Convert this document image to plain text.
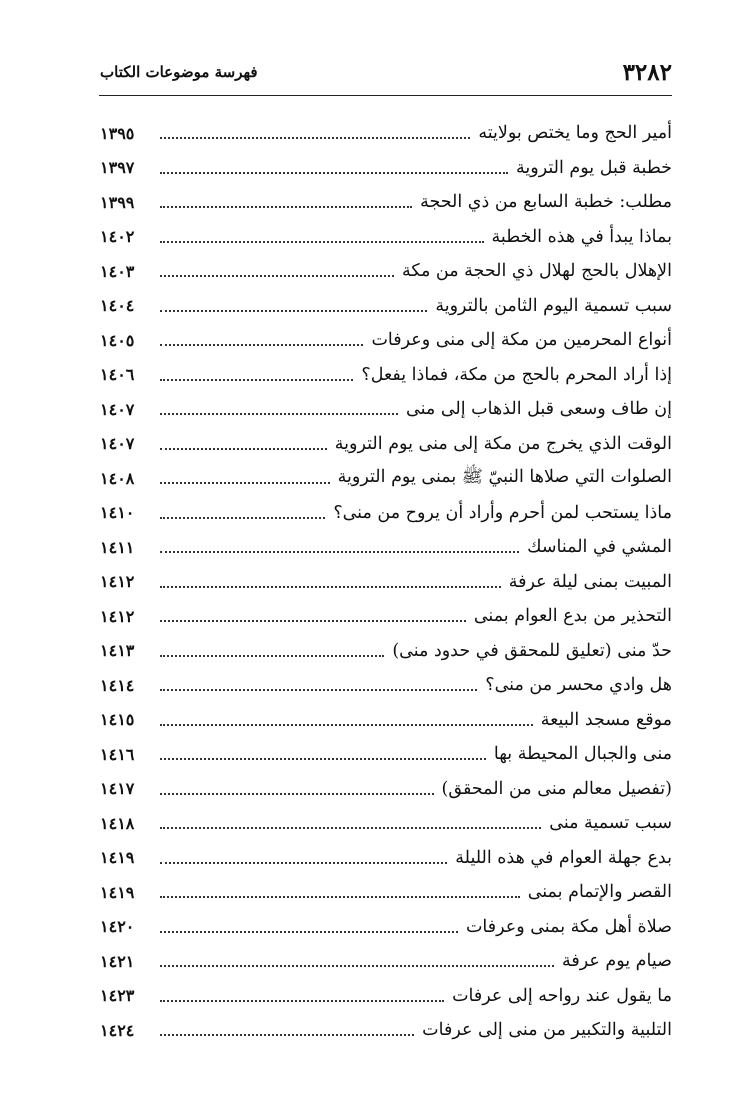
٣٢٨٢
فهرسة موضوعات الكتاب
أمير الحج وما يختص بولايته
١٣٩٥
خطبة قبل يوم التروية
١٣٩٧
مطلب: خطبة السابع من ذي الحجة
١٣٩٩
بماذا يبدأ في هذه الخطبة
١٤٠٢
الإهلال بالحج لهلال ذي الحجة من مكة
١٤٠٣
سبب تسمية اليوم الثامن بالتروية
١٤٠٤
أنواع المحرمين من مكة إلى منى وعرفات
١٤٠٥
إذا أراد المحرم بالحج من مكة، فماذا يفعل؟
١٤٠٦
إن طاف وسعى قبل الذهاب إلى منى
١٤٠٧
الوقت الذي يخرج من مكة إلى منى يوم التروية
١٤٠٧
الصلوات التي صلاها النبيّ ﷺ بمنى يوم التروية
١٤٠٨
ماذا يستحب لمن أحرم وأراد أن يروح من منى؟
١٤١٠
المشي في المناسك
١٤١١
المبيت بمنى ليلة عرفة
١٤١٢
التحذير من بدع العوام بمنى
١٤١٢
حدّ منى (تعليق للمحقق في حدود منى)
١٤١٣
هل وادي محسر من منى؟
١٤١٤
موقع مسجد البيعة
١٤١٥
منى والجبال المحيطة بها
١٤١٦
(تفصيل معالم منى من المحقق)
١٤١٧
سبب تسمية منى
١٤١٨
بدع جهلة العوام في هذه الليلة
١٤١٩
القصر والإتمام بمنى
١٤١٩
صلاة أهل مكة بمنى وعرفات
١٤٢٠
صيام يوم عرفة
١٤٢١
ما يقول عند رواحه إلى عرفات
١٤٢٣
التلبية والتكبير من منى إلى عرفات
١٤٢٤
